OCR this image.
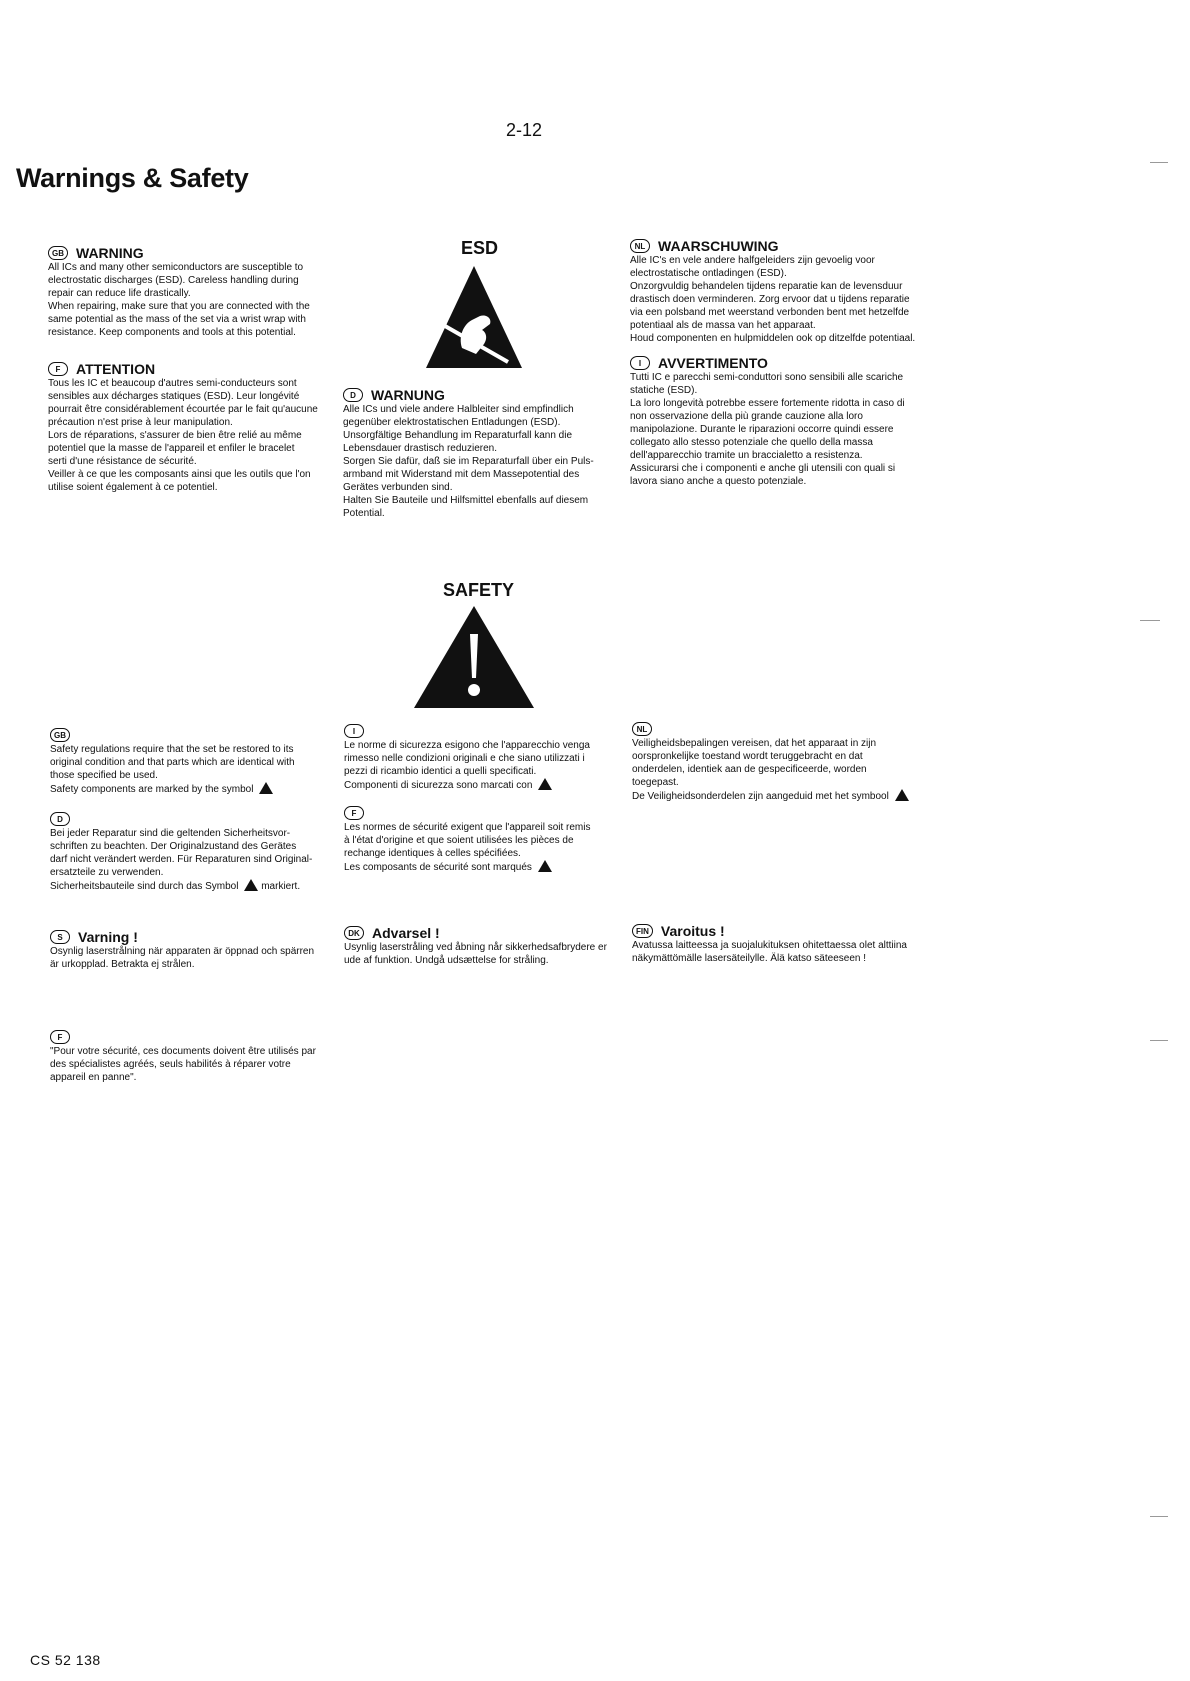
2-12
Warnings & Safety
ESD
SAFETY
GB WARNING
All ICs and many other semiconductors are susceptible to
electrostatic discharges (ESD). Careless handling during
repair can reduce life drastically.
When repairing, make sure that you are connected with the
same potential as the mass of the set via a wrist wrap with
resistance. Keep components and tools at this potential.
F	ATTENTION
Tous les IC et beaucoup d'autres semi-conducteurs sont
sensibles aux décharges statiques (ESD). Leur longévité
pourrait être considérablement écourtée par le fait qu'aucune
précaution n'est prise à leur manipulation.
Lors de réparations, s'assurer de bien être relié au même
potentiel que la masse de l'appareil et enfiler le bracelet
serti d'une résistance de sécurité.
Veiller à ce que les composants ainsi que les outils que l'on
utilise soient également à ce potentiel.
D	WARNUNG
Alle ICs und viele andere Halbleiter sind empfindlich
gegenüber elektrostatischen Entladungen (ESD).
Unsorgfältige Behandlung im Reparaturfall kann die
Lebensdauer drastisch reduzieren.
Sorgen Sie dafür, daß sie im Reparaturfall über ein Puls-
armband mit Widerstand mit dem Massepotential des
Gerätes verbunden sind.
Halten Sie Bauteile und Hilfsmittel ebenfalls auf diesem
Potential.
NL WAARSCHUWING
Alle IC's en vele andere halfgeleiders zijn gevoelig voor
electrostatische ontladingen (ESD).
Onzorgvuldig behandelen tijdens reparatie kan de levensduur
drastisch doen verminderen. Zorg ervoor dat u tijdens reparatie
via een polsband met weerstand verbonden bent met hetzelfde
potentiaal als de massa van het apparaat.
Houd componenten en hulpmiddelen ook op ditzelfde potentiaal.
I	AVVERTIMENTO
Tutti IC e parecchi semi-conduttori sono sensibili alle scariche
statiche (ESD).
La loro longevità potrebbe essere fortemente ridotta in caso di
non osservazione della più grande cauzione alla loro
manipolazione. Durante le riparazioni occorre quindi essere
collegato allo stesso potenziale che quello della massa
dell'apparecchio tramite un braccialetto a resistenza.
Assicurarsi che i componenti e anche gli utensili con quali si
lavora siano anche a questo potenziale.
GB
Safety regulations require that the set be restored to its
original condition and that parts which are identical with
those specified be used.
Safety components are marked by the symbol
D
Bei jeder Reparatur sind die geltenden Sicherheitsvor-
schriften zu beachten. Der Originalzustand des Gerätes
darf nicht verändert werden. Für Reparaturen sind Original-
ersatzteile zu verwenden.
Sicherheitsbauteile sind durch das Symbol markiert.
I
Le norme di sicurezza esigono che l'apparecchio venga
rimesso nelle condizioni originali e che siano utilizzati i
pezzi di ricambio identici a quelli specificati.
Componenti di sicurezza sono marcati con
F
Les normes de sécurité exigent que l'appareil soit remis
à l'état d'origine et que soient utilisées les pièces de
rechange identiques à celles spécifiées.
Les composants de sécurité sont marqués
NL
Veiligheidsbepalingen vereisen, dat het apparaat in zijn
oorspronkelijke toestand wordt teruggebracht en dat
onderdelen, identiek aan de gespecificeerde, worden
toegepast.
De Veiligheidsonderdelen zijn aangeduid met het symbool
S	Varning !
Osynlig laserstrålning när apparaten är öppnad och spärren
är urkopplad. Betrakta ej strålen.
DK Advarsel !
Usynlig laserstråling ved åbning når sikkerhedsafbrydere er
ude af funktion. Undgå udsættelse for stråling.
FIN Varoitus !
Avatussa laitteessa ja suojalukituksen ohitettaessa olet alttiina
näkymättömälle lasersäteilylle. Älä katso säteeseen !
F
"Pour votre sécurité, ces documents doivent être utilisés par
des spécialistes agréés, seuls habilités à réparer votre
appareil en panne".
CS 52 138
